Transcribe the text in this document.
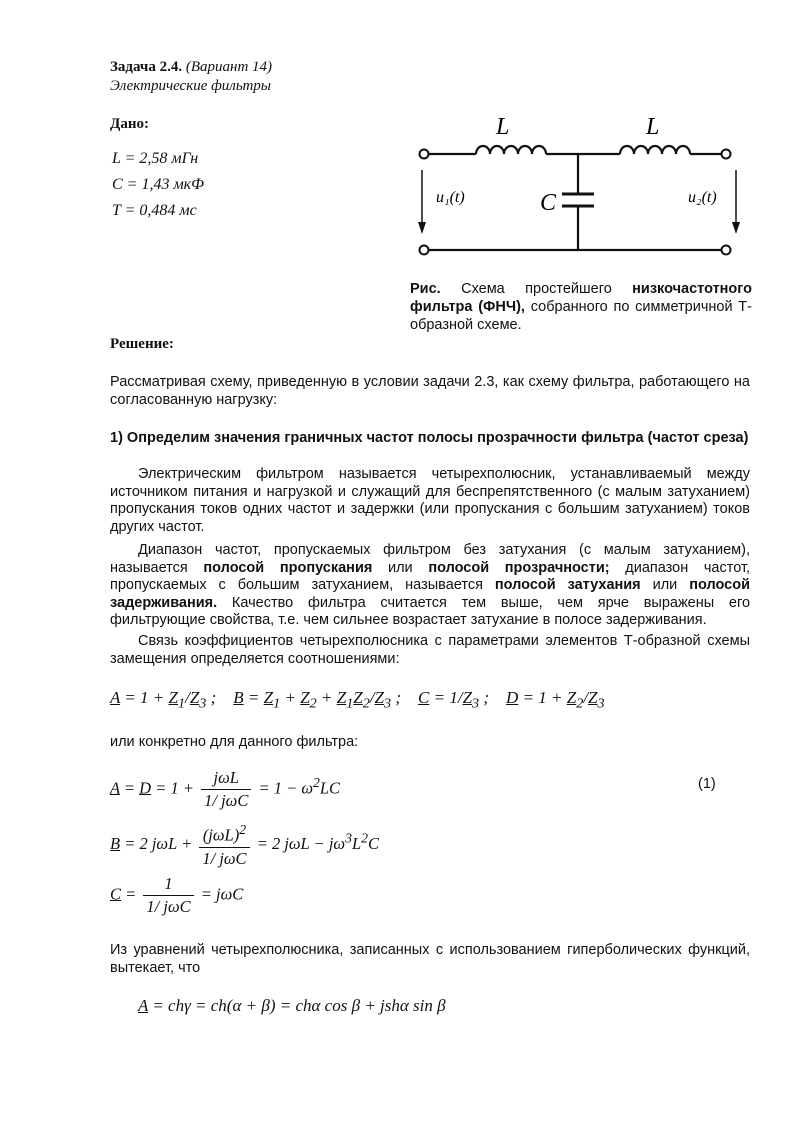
Задача 2.4. (Вариант 14)
Электрические фильтры
Дано:
L = 2,58 мГн
C = 1,43 мкФ
T = 0,484 мс
L	L
C
u₁(t)	u₂(t)
Рис. Схема простейшего низкочастотного фильтра (ФНЧ), собранного по симметричной Т-образной схеме.
Решение:
Рассматривая схему, приведенную в условии задачи 2.3, как схему фильтра, работающего на согласованную нагрузку:
1) Определим значения граничных частот полосы прозрачности фильтра (частот среза)
Электрическим фильтром называется четырехполюсник, устанавливаемый между источником питания и нагрузкой и служащий для беспрепятственного (с малым затуханием) пропускания токов одних частот и задержки (или пропускания с большим затуханием) токов других частот.
Диапазон частот, пропускаемых фильтром без затухания (с малым затуханием), называется полосой пропускания или полосой прозрачности; диапазон частот, пропускаемых с большим затуханием, называется полосой затухания или полосой задерживания. Качество фильтра считается тем выше, чем ярче выражены его фильтрующие свойства, т.е. чем сильнее возрастает затухание в полосе задерживания.
Связь коэффициентов четырехполюсника с параметрами элементов Т-образной схемы замещения определяется соотношениями:
$A = 1 + Z_1/Z_3$ ;    $B = Z_1 + Z_2 + Z_1Z_2/Z_3$ ;    $C = 1/Z_3$ ;    $D = 1 + Z_2/Z_3$
или конкретно для данного фильтра:
$A = D = 1 + \frac{\text{jωL}}{\text{1/ jωC}} = 1 - \omega^2LC$	(1)
B = 2 $j\omega L + \frac{(j\omega L)^2}{\text{1/ jωC}} = 2$ $j\omega L - j\omega^3L^2C$
$C = \frac{1}{\text{1/ jωC}} = j\omega C$
Из уравнений четырехполюсника, записанных с использованием гиперболических функций, вытекает, что
A = chγ = ch(α + β) = chα cos β + jshα sin β
